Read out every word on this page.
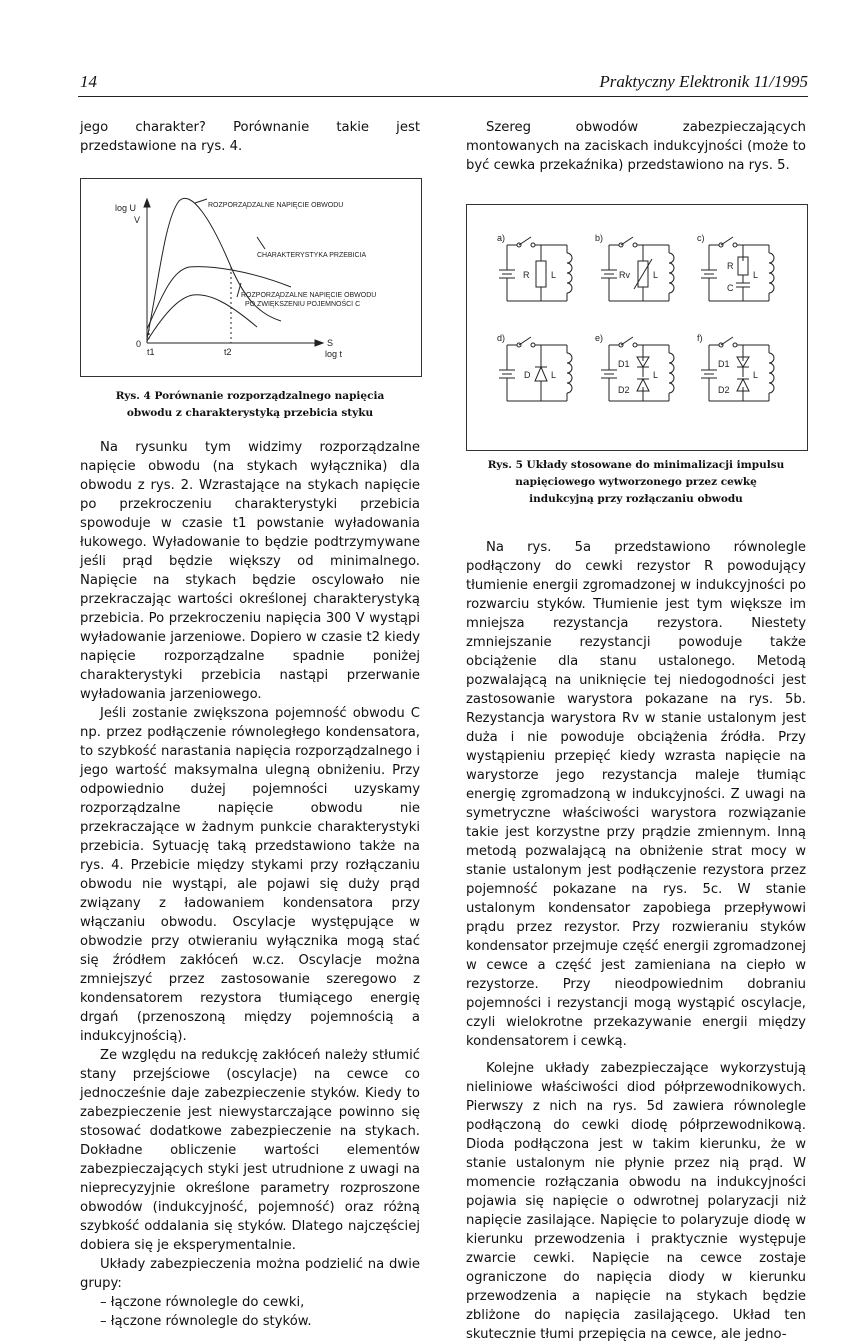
14	Praktyczny Elektronik 11/1995

jego charakter? Porównanie takie jest przedstawione na rys. 4.

log U
V
0
t1	t2
S
log t
ROZPORZĄDZALNE NAPIĘCIE OBWODU
CHARAKTERYSTYKA PRZEBICIA
ROZPORZĄDZALNE NAPIĘCIE OBWODU
PO ZWIĘKSZENIU POJEMNOŚCI C
Rys. 4 Porównanie rozporządzalnego napięcia
obwodu z charakterystyką przebicia styku

Na rysunku tym widzimy rozporządzalne napięcie obwodu (na stykach wyłącznika) dla obwodu z rys. 2. Wzrastające na stykach napięcie po przekroczeniu charakterystyki przebicia spowoduje w czasie t1 powstanie wyładowania łukowego. Wyładowanie to będzie podtrzymywane jeśli prąd będzie większy od minimalnego. Napięcie na stykach będzie oscylowało nie przekraczając wartości określonej charakterystyką przebicia. Po przekroczeniu napięcia 300 V wystąpi wyładowanie jarzeniowe. Dopiero w czasie t2 kiedy napięcie rozporządzalne spadnie poniżej charakterystyki przebicia nastąpi przerwanie wyładowania jarzeniowego.

Jeśli zostanie zwiększona pojemność obwodu C np. przez podłączenie równoległego kondensatora, to szybkość narastania napięcia rozporządzalnego i jego wartość maksymalna ulegną obniżeniu. Przy odpowiednio dużej pojemności uzyskamy rozporządzalne napięcie obwodu nie przekraczające w żadnym punkcie charakterystyki przebicia. Sytuację taką przedstawiono także na rys. 4. Przebicie między stykami przy rozłączaniu obwodu nie wystąpi, ale pojawi się duży prąd związany z ładowaniem kondensatora przy włączaniu obwodu. Oscylacje występujące w obwodzie przy otwieraniu wyłącznika mogą stać się źródłem zakłóceń w.cz. Oscylacje można zmniejszyć przez zastosowanie szeregowo z kondensatorem rezystora tłumiącego energię drgań (przenoszoną między pojemnością a indukcyjnością).

Ze względu na redukcję zakłóceń należy stłumić stany przejściowe (oscylacje) na cewce co jednocześnie daje zabezpieczenie styków. Kiedy to zabezpieczenie jest niewystarczające powinno się stosować dodatkowe zabezpieczenie na stykach. Dokładne obliczenie wartości elementów zabezpieczających styki jest utrudnione z uwagi na nieprecyzyjnie określone parametry rozproszone obwodów (indukcyjność, pojemność) oraz różną szybkość oddalania się styków. Dlatego najczęściej dobiera się je eksperymentalnie.

Układy zabezpieczenia można podzielić na dwie grupy:

– łączone równolegle do cewki,
– łączone równolegle do styków.

Szereg obwodów zabezpieczających montowanych na zaciskach indukcyjności (może to być cewka przekaźnika) przedstawiono na rys. 5.

a)
R L
b)
Rv	L
c)
R
C
L
d)
D L
e)
D1
D2
L
f)
D1
D2
L
Rys. 5 Układy stosowane do minimalizacji impulsu
napięciowego wytworzonego przez cewkę
indukcyjną przy rozłączaniu obwodu

Na rys. 5a przedstawiono równolegle podłączony do cewki rezystor R powodujący tłumienie energii zgromadzonej w indukcyjności po rozwarciu styków. Tłumienie jest tym większe im mniejsza rezystancja rezystora. Niestety zmniejszanie rezystancji powoduje także obciążenie dla stanu ustalonego. Metodą pozwalającą na uniknięcie tej niedogodności jest zastosowanie warystora pokazane na rys. 5b. Rezystancja warystora Rv w stanie ustalonym jest duża i nie powoduje obciążenia źródła. Przy wystąpieniu przepięć kiedy wzrasta napięcie na warystorze jego rezystancja maleje tłumiąc energię zgromadzoną w indukcyjności. Z uwagi na symetryczne właściwości warystora rozwiązanie takie jest korzystne przy prądzie zmiennym. Inną metodą pozwalającą na obniżenie strat mocy w stanie ustalonym jest podłączenie rezystora przez pojemność pokazane na rys. 5c. W stanie ustalonym kondensator zapobiega przepływowi prądu przez rezystor. Przy rozwieraniu styków kondensator przejmuje część energii zgromadzonej w cewce a część jest zamieniana na ciepło w rezystorze. Przy nieodpowiednim dobraniu pojemności i rezystancji mogą wystąpić oscylacje, czyli wielokrotne przekazywanie energii między kondensatorem i cewką.

Kolejne układy zabezpieczające wykorzystują nieliniowe właściwości diod półprzewodnikowych. Pierwszy z nich na rys. 5d zawiera równolegle podłączoną do cewki diodę półprzewodnikową. Dioda podłączona jest w takim kierunku, że w stanie ustalonym nie płynie przez nią prąd. W momencie rozłączania obwodu na indukcyjności pojawia się napięcie o odwrotnej polaryzacji niż napięcie zasilające. Napięcie to polaryzuje diodę w kierunku przewodzenia i praktycznie występuje zwarcie cewki. Napięcie na cewce zostaje ograniczone do napięcia diody w kierunku przewodzenia a napięcie na stykach będzie zbliżone do napięcia zasilającego. Układ ten skutecznie tłumi przepięcia na cewce, ale jedno-
